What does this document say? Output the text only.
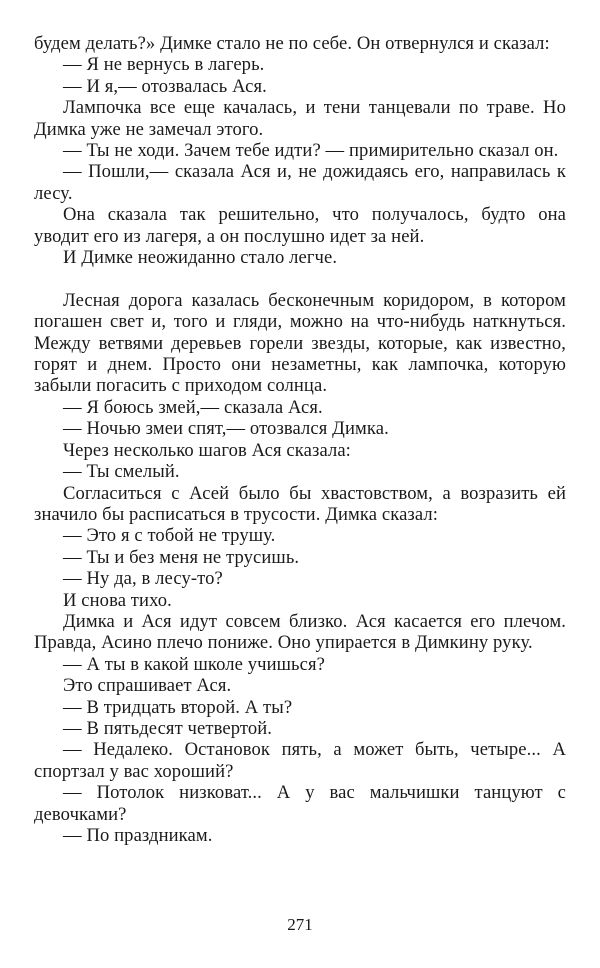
будем делать?» Димке стало не по себе. Он отвернулся и сказал:

— Я не вернусь в лагерь.

— И я,— отозвалась Ася.

Лампочка все еще качалась, и тени танцевали по траве. Но Димка уже не замечал этого.

— Ты не ходи. Зачем тебе идти? — примирительно сказал он.

— Пошли,— сказала Ася и, не дожидаясь его, направилась к лесу.

Она сказала так решительно, что получалось, будто она уводит его из лагеря, а он послушно идет за ней.

И Димке неожиданно стало легче.

Лесная дорога казалась бесконечным коридором, в котором погашен свет и, того и гляди, можно на что-нибудь наткнуться. Между ветвями деревьев горели звезды, которые, как известно, горят и днем. Просто они незаметны, как лампочка, которую забыли погасить с приходом солнца.

— Я боюсь змей,— сказала Ася.

— Ночью змеи спят,— отозвался Димка.

Через несколько шагов Ася сказала:

— Ты смелый.

Согласиться с Асей было бы хвастовством, а возразить ей значило бы расписаться в трусости. Димка сказал:

— Это я с тобой не трушу.

— Ты и без меня не трусишь.

— Ну да, в лесу-то?

И снова тихо.

Димка и Ася идут совсем близко. Ася касается его плечом. Правда, Асино плечо пониже. Оно упирается в Димкину руку.

— А ты в какой школе учишься?

Это спрашивает Ася.

— В тридцать второй. А ты?

— В пятьдесят четвертой.

— Недалеко. Остановок пять, а может быть, четыре... А спортзал у вас хороший?

— Потолок низковат... А у вас мальчишки танцуют с девочками?

— По праздникам.

271
